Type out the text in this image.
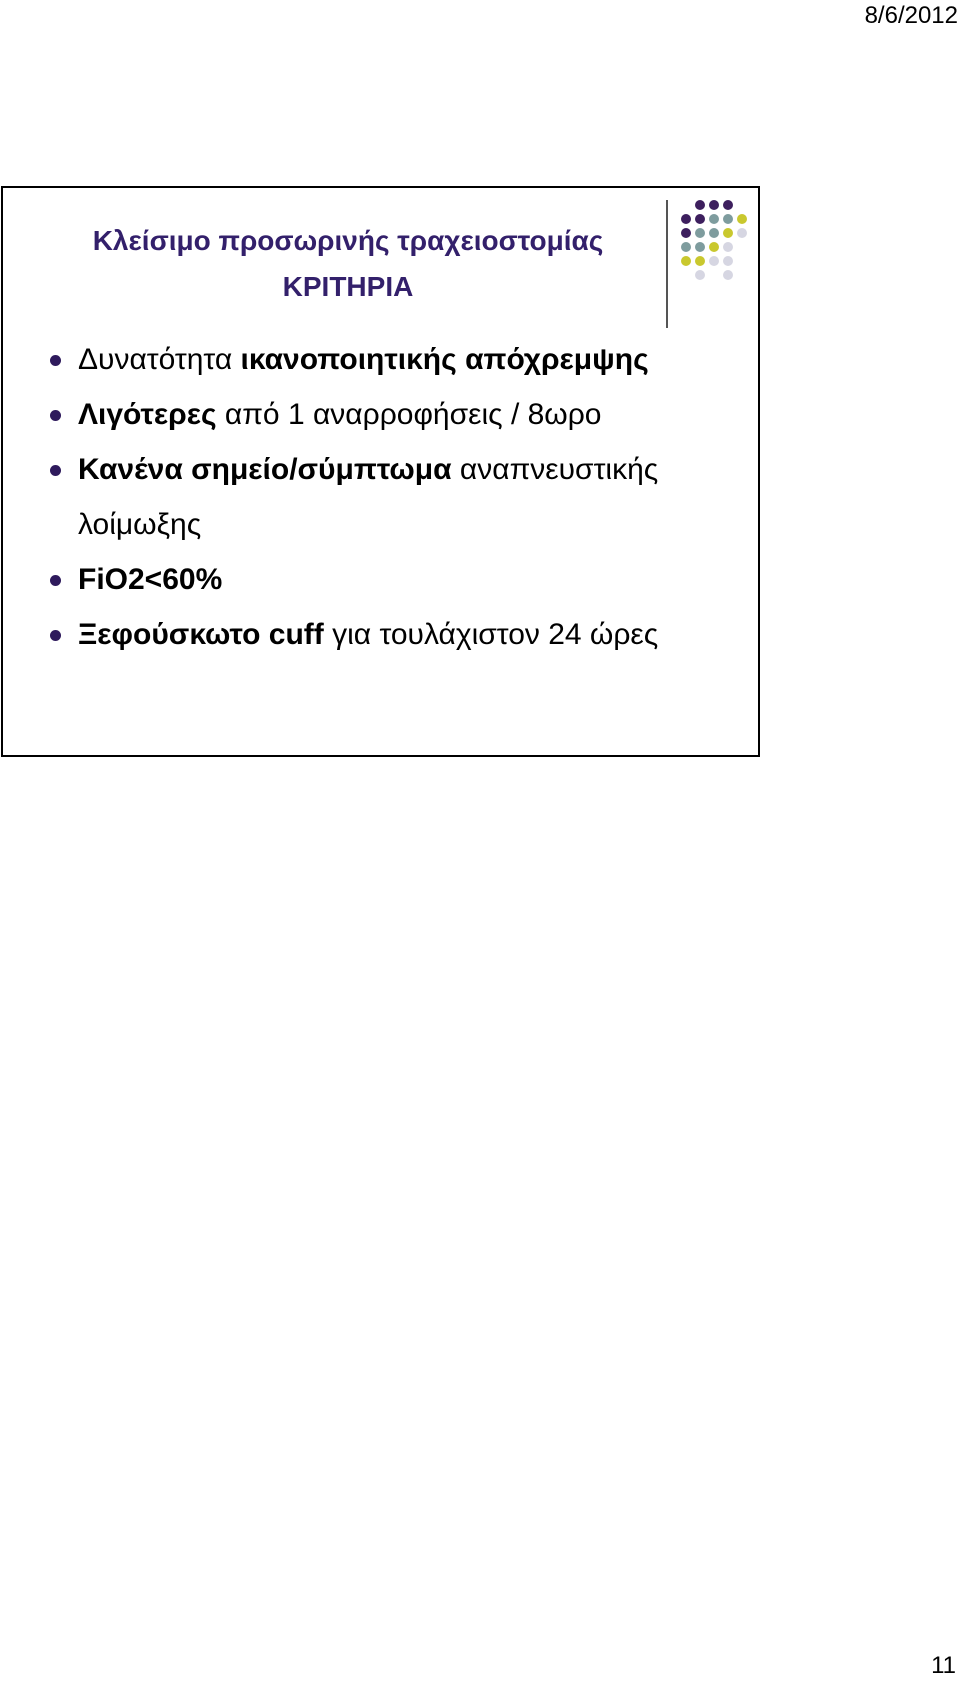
8/6/2012
Κλείσιμο προσωρινής τραχειοστομίας
ΚΡΙΤΗΡΙΑ
Δυνατότητα ικανοποιητικής απόχρεμψης
Λιγότερες από 1 αναρροφήσεις / 8ωρο
Κανένα σημείο/σύμπτωμα αναπνευστικής λοίμωξης
FiO2<60%
Ξεφούσκωτο cuff για τουλάχιστον 24 ώρες
11
